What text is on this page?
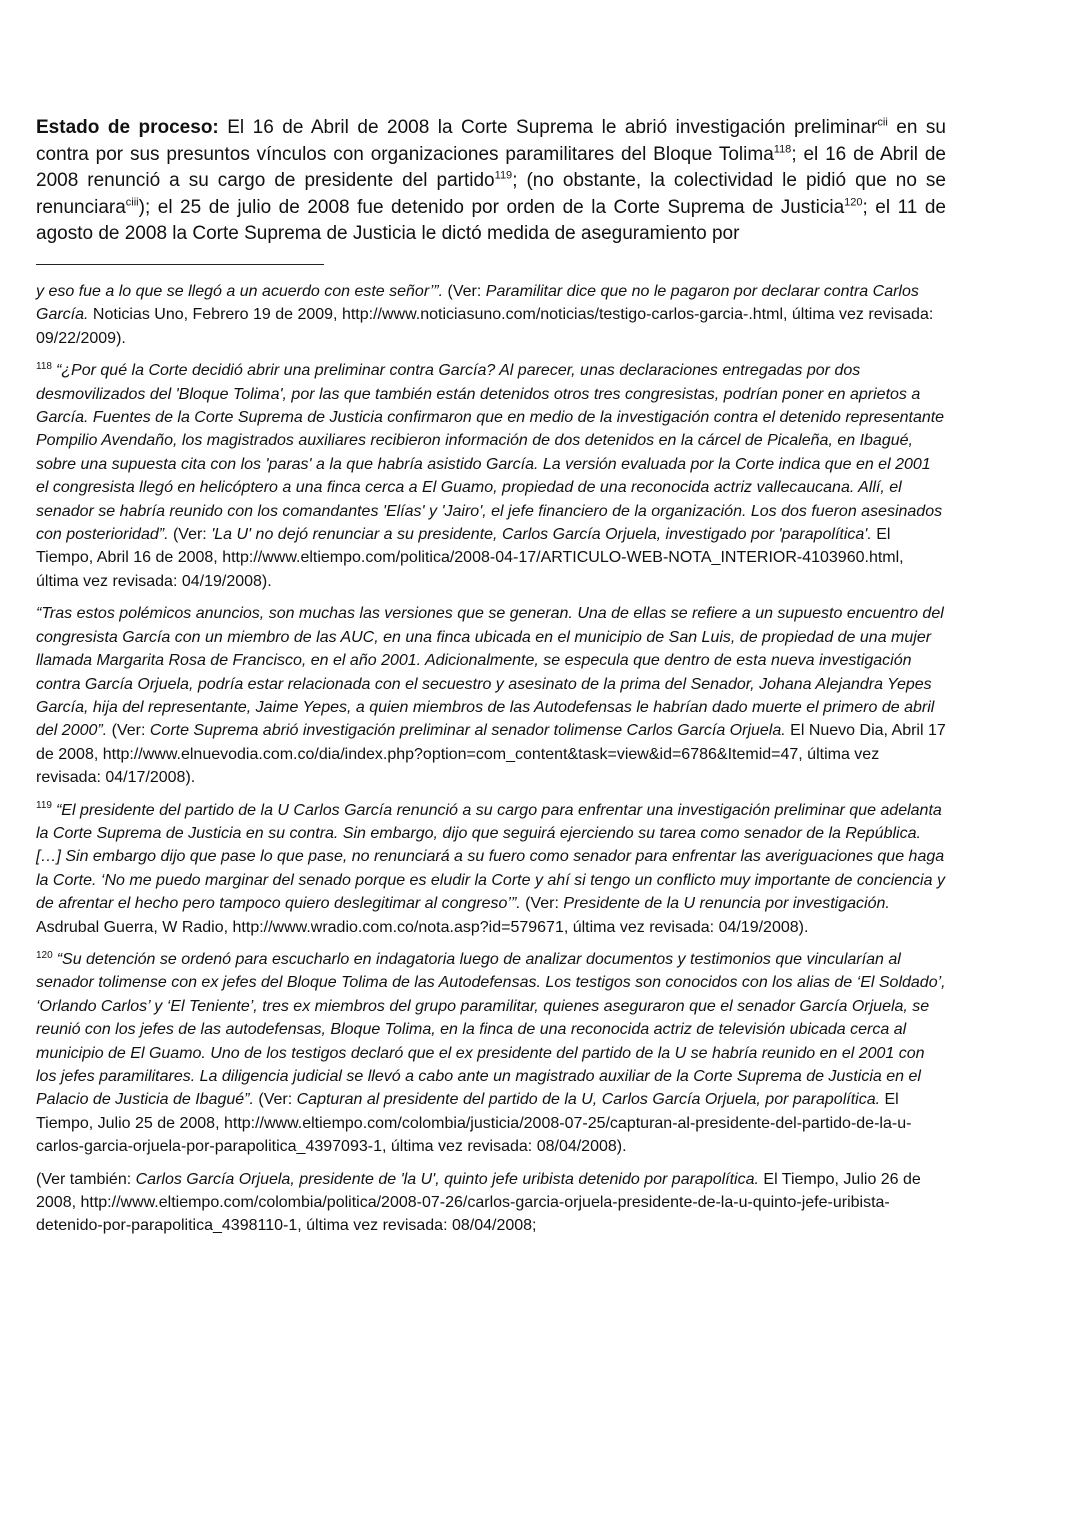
Estado de proceso: El 16 de Abril de 2008 la Corte Suprema le abrió investigación preliminar$^{cii}$ en su contra por sus presuntos vínculos con organizaciones paramilitares del Bloque Tolima$^{118}$; el 16 de Abril de 2008 renunció a su cargo de presidente del partido$^{119}$; (no obstante, la colectividad le pidió que no se renunciara$^{ciii}$); el 25 de julio de 2008 fue detenido por orden de la Corte Suprema de Justicia$^{120}$; el 11 de agosto de 2008 la Corte Suprema de Justicia le dictó medida de aseguramiento por

y eso fue a lo que se llegó a un acuerdo con este señor’”. (Ver: Paramilitar dice que no le pagaron por declarar contra Carlos García. Noticias Uno, Febrero 19 de 2009, http://www.noticiasuno.com/noticias/testigo-carlos-garcia-.html, última vez revisada: 09/22/2009).

$^{118}$ “¿Por qué la Corte decidió abrir una preliminar contra García? Al parecer, unas declaraciones entregadas por dos desmovilizados del 'Bloque Tolima', por las que también están detenidos otros tres congresistas, podrían poner en aprietos a García. Fuentes de la Corte Suprema de Justicia confirmaron que en medio de la investigación contra el detenido representante Pompilio Avendaño, los magistrados auxiliares recibieron información de dos detenidos en la cárcel de Picaleña, en Ibagué, sobre una supuesta cita con los 'paras' a la que habría asistido García. La versión evaluada por la Corte indica que en el 2001 el congresista llegó en helicóptero a una finca cerca a El Guamo, propiedad de una reconocida actriz vallecaucana. Allí, el senador se habría reunido con los comandantes 'Elías' y 'Jairo', el jefe financiero de la organización. Los dos fueron asesinados con posterioridad”. (Ver: 'La U' no dejó renunciar a su presidente, Carlos García Orjuela, investigado por 'parapolítica'. El Tiempo, Abril 16 de 2008, http://www.eltiempo.com/politica/2008-04-17/ARTICULO-WEB-NOTA_INTERIOR-4103960.html, última vez revisada: 04/19/2008).

“Tras estos polémicos anuncios, son muchas las versiones que se generan. Una de ellas se refiere a un supuesto encuentro del congresista García con un miembro de las AUC, en una finca ubicada en el municipio de San Luis, de propiedad de una mujer llamada Margarita Rosa de Francisco, en el año 2001. Adicionalmente, se especula que dentro de esta nueva investigación contra García Orjuela, podría estar relacionada con el secuestro y asesinato de la prima del Senador, Johana Alejandra Yepes García, hija del representante, Jaime Yepes, a quien miembros de las Autodefensas le habrían dado muerte el primero de abril del 2000”. (Ver: Corte Suprema abrió investigación preliminar al senador tolimense Carlos García Orjuela. El Nuevo Dia, Abril 17 de 2008, http://www.elnuevodia.com.co/dia/index.php?option=com_content&task=view&id=6786&Itemid=47, última vez revisada: 04/17/2008).

$^{119}$ “El presidente del partido de la U Carlos García renunció a su cargo para enfrentar una investigación preliminar que adelanta la Corte Suprema de Justicia en su contra. Sin embargo, dijo que seguirá ejerciendo su tarea como senador de la República. […] Sin embargo dijo que pase lo que pase, no renunciará a su fuero como senador para enfrentar las averiguaciones que haga la Corte. ‘No me puedo marginar del senado porque es eludir la Corte y ahí si tengo un conflicto muy importante de conciencia y de afrentar el hecho pero tampoco quiero deslegitimar al congreso’”. (Ver: Presidente de la U renuncia por investigación. Asdrubal Guerra, W Radio, http://www.wradio.com.co/nota.asp?id=579671, última vez revisada: 04/19/2008).

$^{120}$ “Su detención se ordenó para escucharlo en indagatoria luego de analizar documentos y testimonios que vincularían al senador tolimense con ex jefes del Bloque Tolima de las Autodefensas. Los testigos son conocidos con los alias de ‘El Soldado’, ‘Orlando Carlos’ y ‘El Teniente’, tres ex miembros del grupo paramilitar, quienes aseguraron que el senador García Orjuela, se reunió con los jefes de las autodefensas, Bloque Tolima, en la finca de una reconocida actriz de televisión ubicada cerca al municipio de El Guamo. Uno de los testigos declaró que el ex presidente del partido de la U se habría reunido en el 2001 con los jefes paramilitares. La diligencia judicial se llevó a cabo ante un magistrado auxiliar de la Corte Suprema de Justicia en el Palacio de Justicia de Ibagué”. (Ver: Capturan al presidente del partido de la U, Carlos García Orjuela, por parapolítica. El Tiempo, Julio 25 de 2008, http://www.eltiempo.com/colombia/justicia/2008-07-25/capturan-al-presidente-del-partido-de-la-u-carlos-garcia-orjuela-por-parapolitica_4397093-1, última vez revisada: 08/04/2008).

(Ver también: Carlos García Orjuela, presidente de 'la U', quinto jefe uribista detenido por parapolítica. El Tiempo, Julio 26 de 2008, http://www.eltiempo.com/colombia/politica/2008-07-26/carlos-garcia-orjuela-presidente-de-la-u-quinto-jefe-uribista-detenido-por-parapolitica_4398110-1, última vez revisada: 08/04/2008;
